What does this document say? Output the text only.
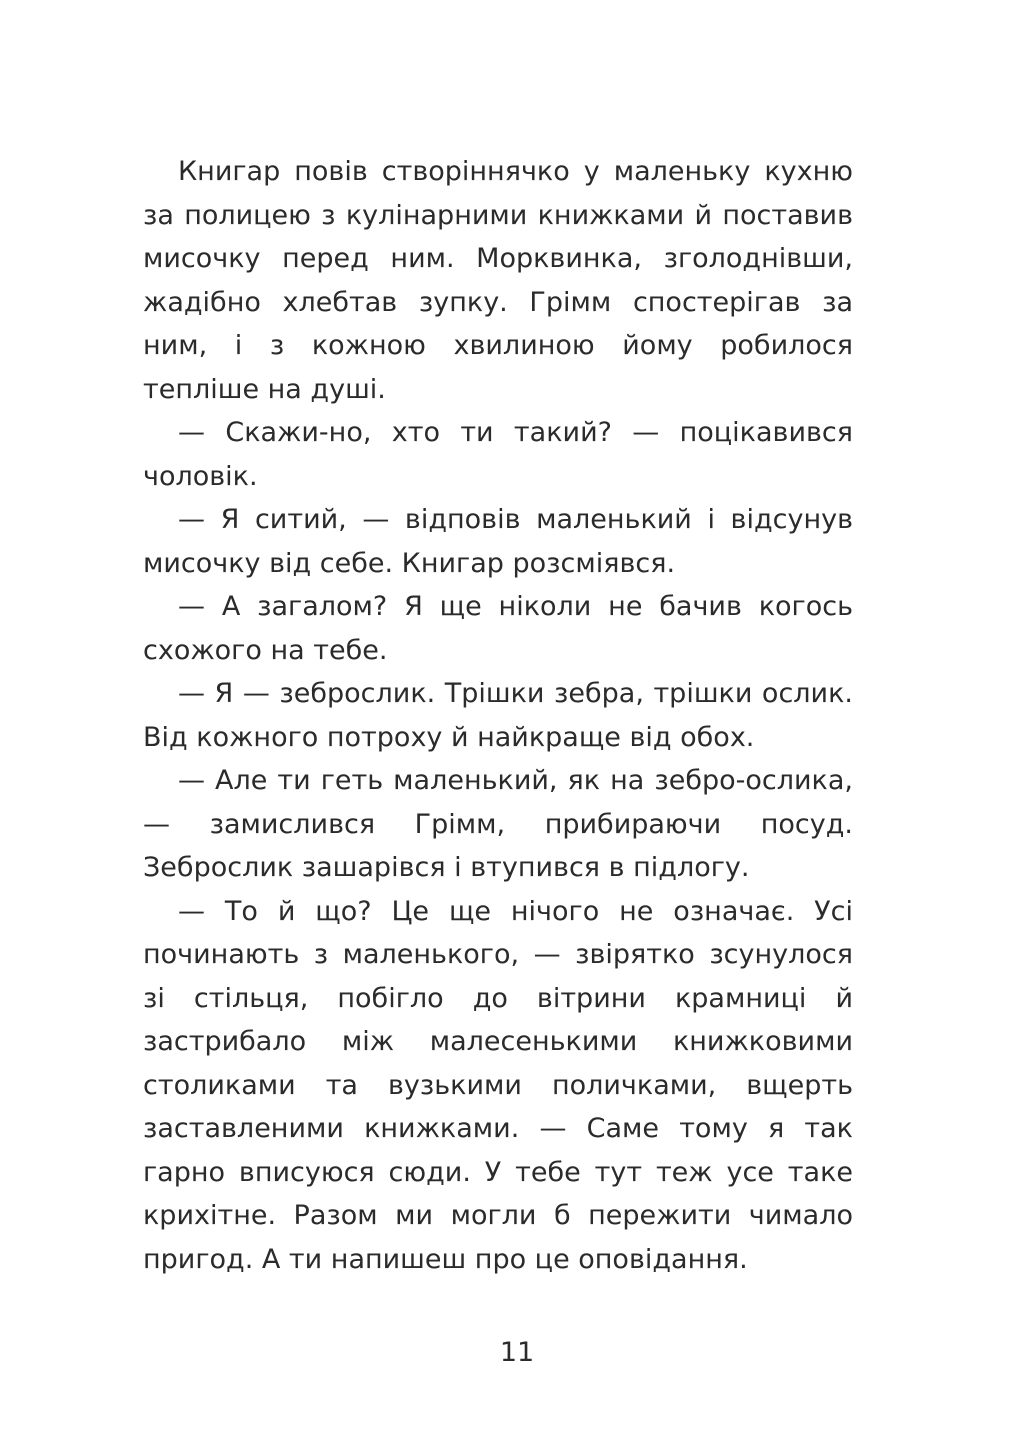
Книгар повів створіннячко у маленьку кухню за полицею з кулінарними книжками й поставив мисочку перед ним. Морквинка, зголоднівши, жадібно хлебтав зупку. Грімм спостерігав за ним, і з кожною хвилиною йому робилося тепліше на душі.

— Скажи-но, хто ти такий? — поцікавився чоловік.

— Я ситий, — відповів маленький і відсунув мисочку від себе. Книгар розсміявся.

— А загалом? Я ще ніколи не бачив когось схожого на тебе.

— Я — зеброслик. Трішки зебра, трішки ослик. Від кожного потроху й найкраще від обох.

— Але ти геть маленький, як на зебро-ослика, — замислився Грімм, прибираючи посуд. Зеброслик зашарівся і втупився в підлогу.

— То й що? Це ще нічого не означає. Усі починають з маленького, — звірятко зсунулося зі стільця, побігло до вітрини крамниці й застрибало між малесенькими книжковими столиками та вузькими поличками, вщерть заставленими книжками. — Саме тому я так гарно вписуюся сюди. У тебе тут теж усе таке крихітне. Разом ми могли б пережити чимало пригод. А ти напишеш про це оповідання.

11
